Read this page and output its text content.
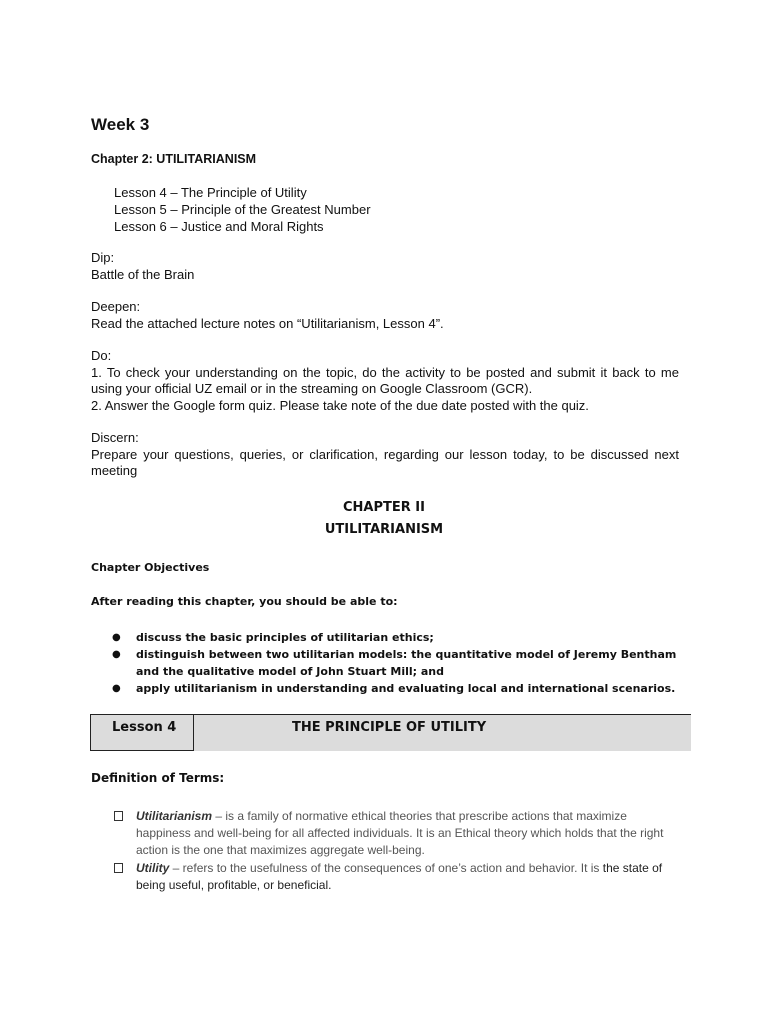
Week 3
Chapter 2: UTILITARIANISM
Lesson 4 – The Principle of Utility
Lesson 5 – Principle of the Greatest Number
Lesson 6 – Justice and Moral Rights
Dip:
Battle of the Brain
Deepen:
Read the attached lecture notes on “Utilitarianism, Lesson 4”.
Do:
1. To check your understanding on the topic, do the activity to be posted and submit it back to me using your official UZ email or in the streaming on Google Classroom (GCR).
2. Answer the Google form quiz. Please take note of the due date posted with the quiz.
Discern:
Prepare your questions, queries, or clarification, regarding our lesson today, to be discussed next meeting
CHAPTER II
UTILITARIANISM
Chapter Objectives
After reading this chapter, you should be able to:
● discuss the basic principles of utilitarian ethics;
● distinguish between two utilitarian models: the quantitative model of Jeremy Bentham and the qualitative model of John Stuart Mill; and
● apply utilitarianism in understanding and evaluating local and international scenarios.
Lesson 4	THE PRINCIPLE OF UTILITY
Definition of Terms:
Utilitarianism – is a family of normative ethical theories that prescribe actions that maximize happiness and well-being for all affected individuals. It is an Ethical theory which holds that the right action is the one that maximizes aggregate well-being.
Utility – refers to the usefulness of the consequences of one’s action and behavior. It is the state of being useful, profitable, or beneficial.
